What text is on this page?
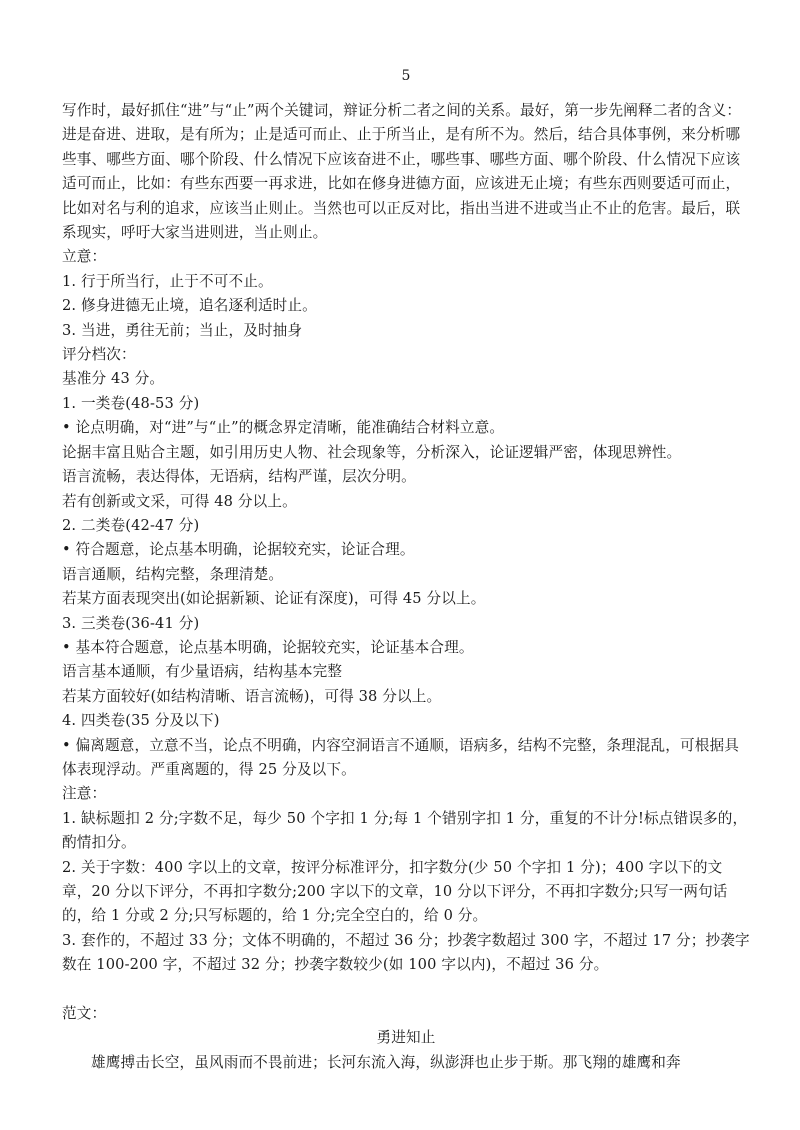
5

写作时，最好抓住“进”与“止”两个关键词，辩证分析二者之间的关系。最好，第一步先阐释二者的含义：进是奋进、进取，是有所为；止是适可而止、止于所当止，是有所不为。然后，结合具体事例，来分析哪些事、哪些方面、哪个阶段、什么情况下应该奋进不止，哪些事、哪些方面、哪个阶段、什么情况下应该适可而止，比如：有些东西要一再求进，比如在修身进德方面，应该进无止境；有些东西则要适可而止，比如对名与利的追求，应该当止则止。当然也可以正反对比，指出当进不进或当止不止的危害。最后，联系现实，呼吁大家当进则进，当止则止。

立意：

1. 行于所当行，止于不可不止。

2. 修身进德无止境，追名逐利适时止。

3. 当进，勇往无前；当止，及时抽身

评分档次：

基准分 43 分。

1. 一类卷(48-53 分)

• 论点明确，对“进”与“止”的概念界定清晰，能准确结合材料立意。

论据丰富且贴合主题，如引用历史人物、社会现象等，分析深入，论证逻辑严密，体现思辨性。

语言流畅，表达得体，无语病，结构严谨，层次分明。

若有创新或文采，可得 48 分以上。

2. 二类卷(42-47 分)

• 符合题意，论点基本明确，论据较充实，论证合理。

语言通顺，结构完整，条理清楚。

若某方面表现突出(如论据新颖、论证有深度)，可得 45 分以上。

3. 三类卷(36-41 分)

• 基本符合题意，论点基本明确，论据较充实，论证基本合理。

语言基本通顺，有少量语病，结构基本完整

若某方面较好(如结构清晰、语言流畅)，可得 38 分以上。

4. 四类卷(35 分及以下)

• 偏离题意，立意不当，论点不明确，内容空洞语言不通顺，语病多，结构不完整，条理混乱，可根据具体表现浮动。严重离题的，得 25 分及以下。

注意：

1. 缺标题扣 2 分;字数不足，每少 50 个字扣 1 分;每 1 个错别字扣 1 分，重复的不计分!标点错误多的，酌情扣分。

2. 关于字数：400 字以上的文章，按评分标准评分，扣字数分(少 50 个字扣 1 分)；400 字以下的文章，20 分以下评分，不再扣字数分;200 字以下的文章，10 分以下评分，不再扣字数分;只写一两句话的，给 1 分或 2 分;只写标题的，给 1 分;完全空白的，给 0 分。

3. 套作的，不超过 33 分；文体不明确的，不超过 36 分；抄袭字数超过 300 字，不超过 17 分；抄袭字数在 100-200 字，不超过 32 分；抄袭字数较少(如 100 字以内)，不超过 36 分。

范文：

勇进知止

雄鹰搏击长空，虽风雨而不畏前进；长河东流入海，纵澎湃也止步于斯。那飞翔的雄鹰和奔
